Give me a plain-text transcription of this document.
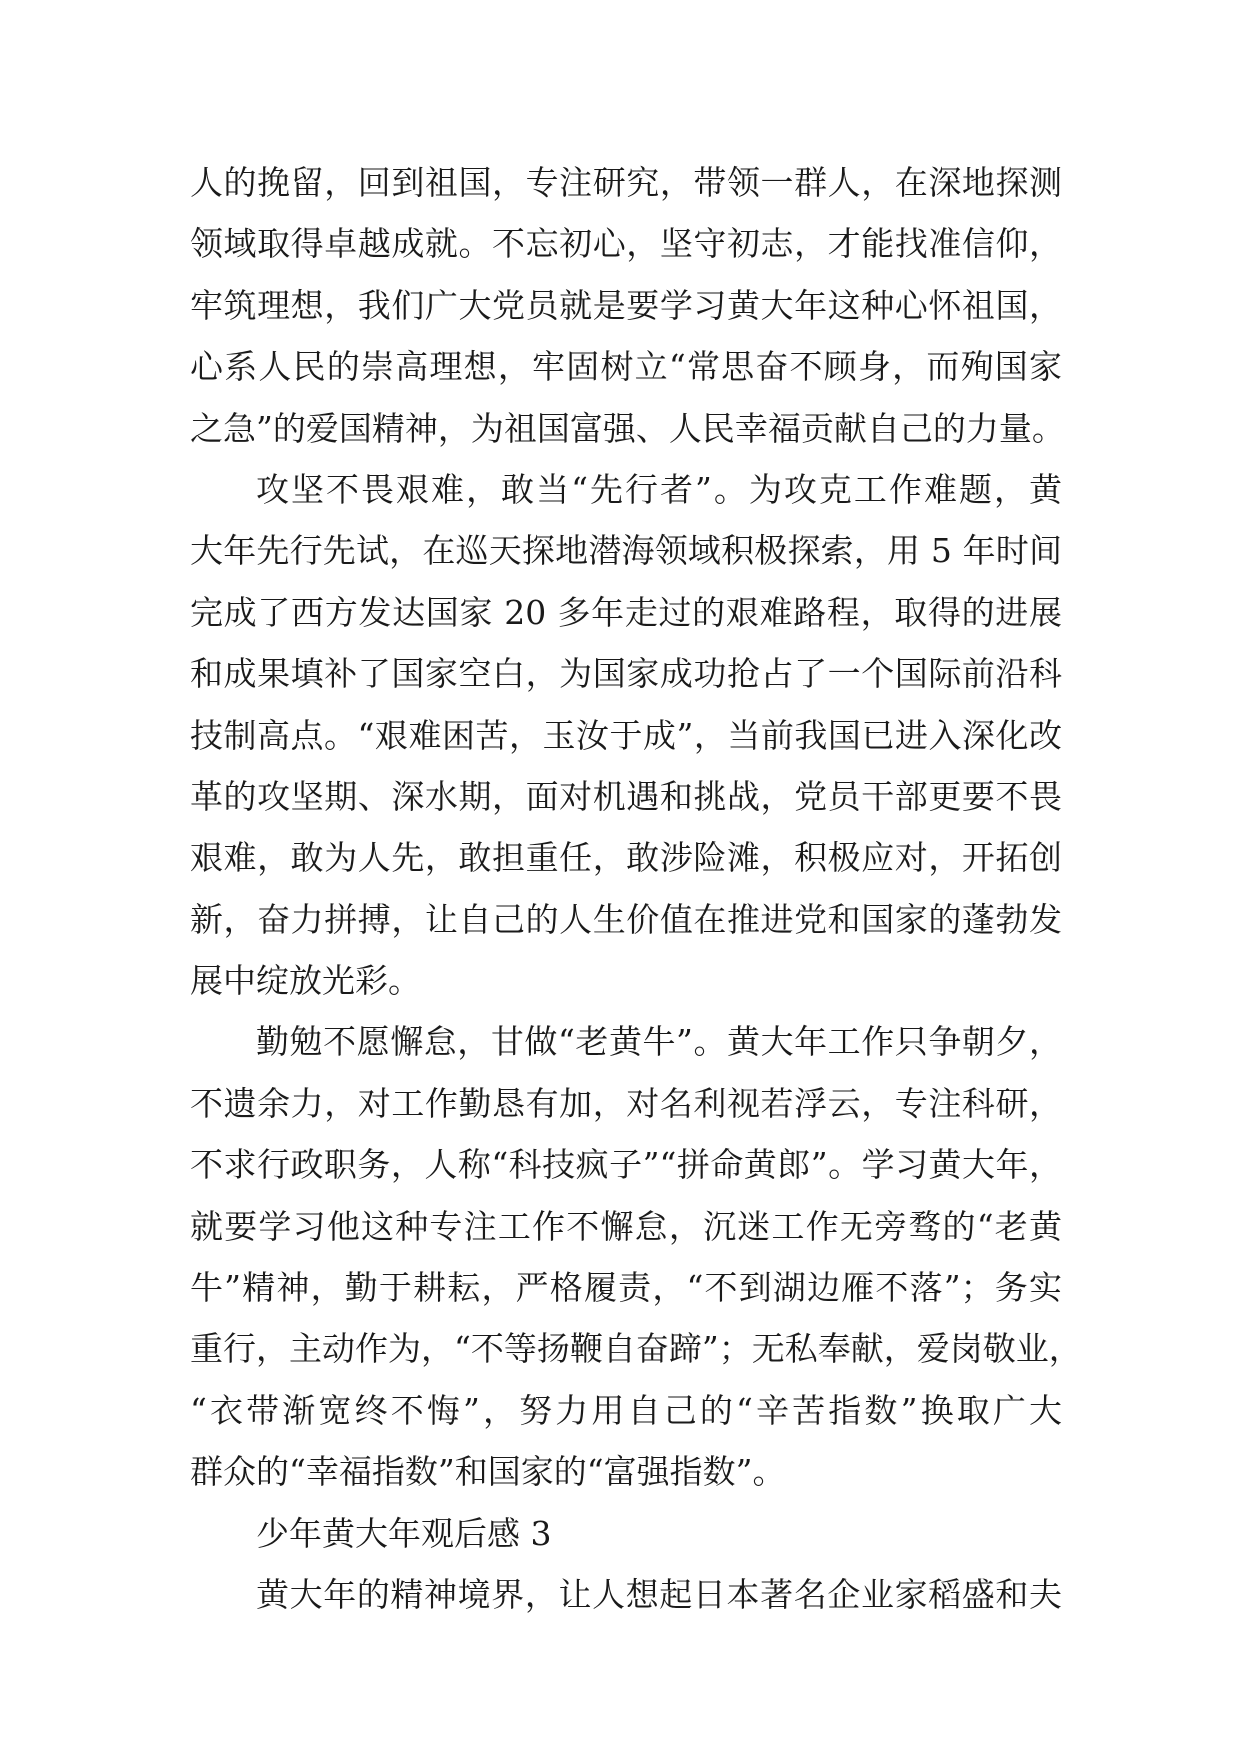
人的挽留，回到祖国，专注研究，带领一群人，在深地探测
领域取得卓越成就。不忘初心，坚守初志，才能找准信仰，
牢筑理想，我们广大党员就是要学习黄大年这种心怀祖国，
心系人民的崇高理想，牢固树立“常思奋不顾身，而殉国家
之急”的爱国精神，为祖国富强、人民幸福贡献自己的力量。
攻坚不畏艰难，敢当“先行者”。为攻克工作难题，黄
大年先行先试，在巡天探地潜海领域积极探索，用 5 年时间
完成了西方发达国家 20 多年走过的艰难路程，取得的进展
和成果填补了国家空白，为国家成功抢占了一个国际前沿科
技制高点。“艰难困苦，玉汝于成”，当前我国已进入深化改
革的攻坚期、深水期，面对机遇和挑战，党员干部更要不畏
艰难，敢为人先，敢担重任，敢涉险滩，积极应对，开拓创
新，奋力拼搏，让自己的人生价值在推进党和国家的蓬勃发
展中绽放光彩。
勤勉不愿懈怠，甘做“老黄牛”。黄大年工作只争朝夕，
不遗余力，对工作勤恳有加，对名利视若浮云，专注科研，
不求行政职务，人称“科技疯子”“拼命黄郎”。学习黄大年，
就要学习他这种专注工作不懈怠，沉迷工作无旁骛的“老黄
牛”精神，勤于耕耘，严格履责，“不到湖边雁不落”；务实
重行，主动作为，“不等扬鞭自奋蹄”；无私奉献，爱岗敬业，
“衣带渐宽终不悔”，努力用自己的“辛苦指数”换取广大
群众的“幸福指数”和国家的“富强指数”。
少年黄大年观后感 3
黄大年的精神境界，让人想起日本著名企业家稻盛和夫
